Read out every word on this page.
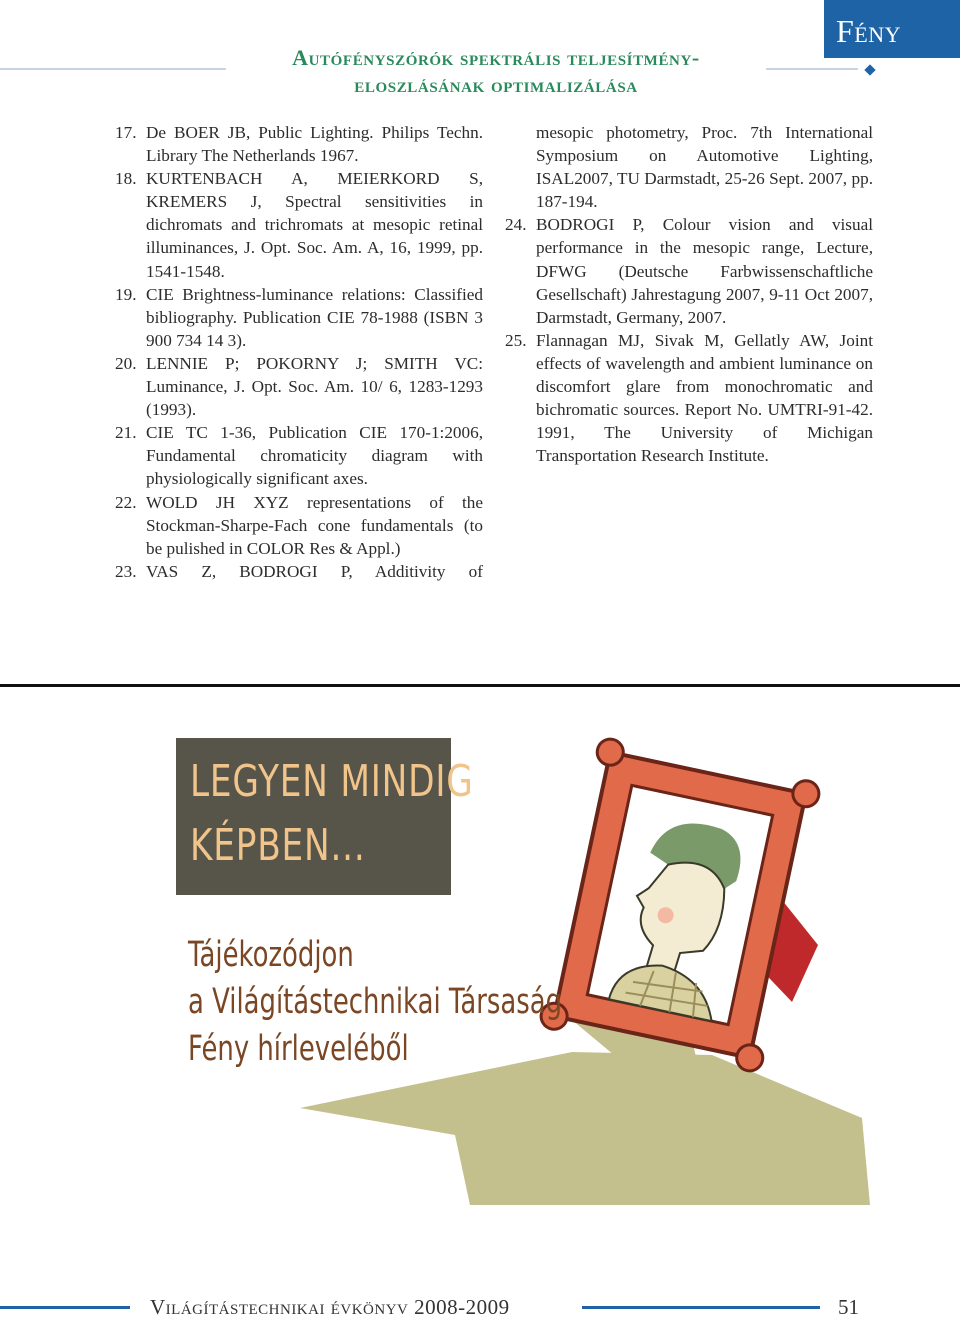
Fény
Autófényszórók spektrális teljesítmény-
eloszlásának optimalizálása
17. De BOER JB, Public Lighting. Philips Techn. Library The Netherlands 1967.
18. KURTENBACH A, MEIERKORD S, KREMERS J, Spectral sensitivities in dichromats and trichromats at mesopic retinal illuminances, J. Opt. Soc. Am. A, 16, 1999, pp. 1541-1548.
19. CIE Brightness-luminance relations: Classified bibliography. Publication CIE 78-1988 (ISBN 3 900 734 14 3).
20. LENNIE P; POKORNY J; SMITH VC: Luminance, J. Opt. Soc. Am. 10/ 6, 1283-1293 (1993).
21. CIE TC 1-36, Publication CIE 170-1:2006, Fundamental chromaticity diagram with physiologically significant axes.
22. WOLD JH XYZ representations of the Stockman-Sharpe-Fach cone fundamentals (to be pulished in COLOR Res & Appl.)
23. VAS Z, BODROGI P, Additivity of
mesopic photometry, Proc. 7th International Symposium on Automotive Lighting, ISAL2007, TU Darmstadt, 25-26 Sept. 2007, pp. 187-194.
24. BODROGI P, Colour vision and visual performance in the mesopic range, Lecture, DFWG (Deutsche Farbwissenschaftliche Gesellschaft) Jahrestagung 2007, 9-11 Oct 2007, Darmstadt, Germany, 2007.
25. Flannagan MJ, Sivak M, Gellatly AW, Joint effects of wavelength and ambient luminance on discomfort glare from monochromatic and bichromatic sources. Report No. UMTRI-91-42. 1991, The University of Michigan Transportation Research Institute.
LEGYEN MINDIG
KÉPBEN...
Tájékozódjon
a Világítástechnikai Társaság
Fény hírleveléből
Világítástechnikai évkönyv 2008-2009	51
